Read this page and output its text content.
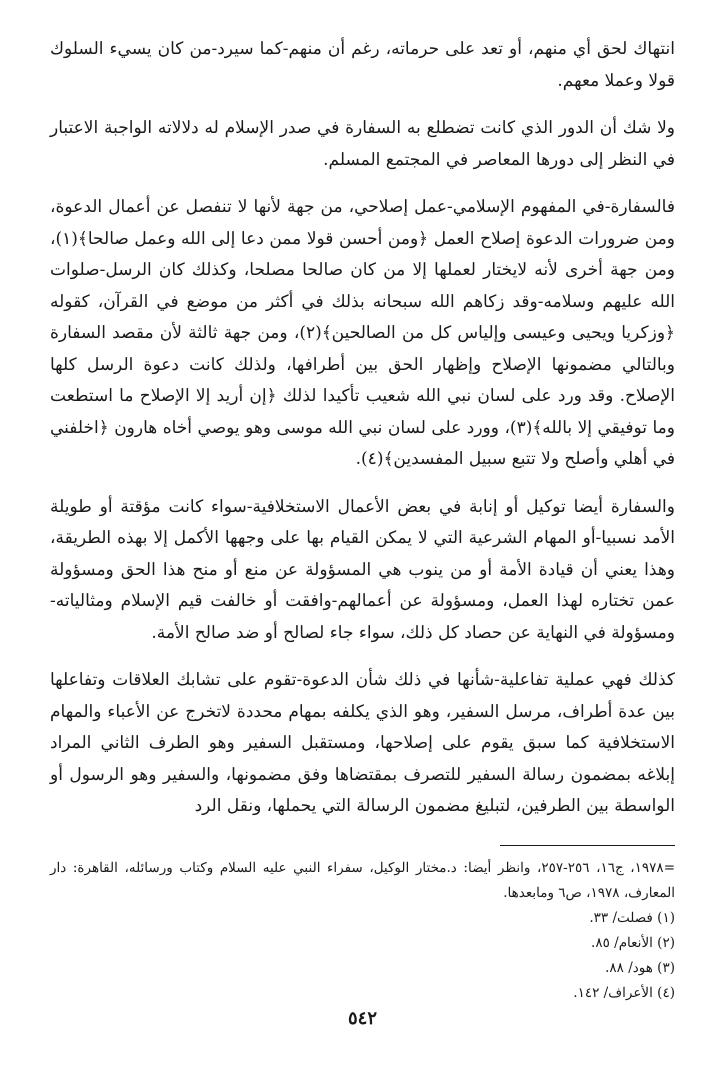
انتهاك لحق أي منهم، أو تعد على حرماته، رغم أن منهم-كما سيرد-من كان يسيء السلوك قولا وعملا معهم.

ولا شك أن الدور الذي كانت تضطلع به السفارة في صدر الإسلام له دلالاته الواجبة الاعتبار في النظر إلى دورها المعاصر في المجتمع المسلم.

فالسفارة-في المفهوم الإسلامي-عمل إصلاحي، من جهة لأنها لا تنفصل عن أعمال الدعوة، ومن ضرورات الدعوة إصلاح العمل ﴿ومن أحسن قولا ممن دعا إلى الله وعمل صالحا﴾(١)، ومن جهة أخرى لأنه لايختار لعملها إلا من كان صالحا مصلحا، وكذلك كان الرسل-صلوات الله عليهم وسلامه-وقد زكاهم الله سبحانه بذلك في أكثر من موضع في القرآن، كقوله ﴿وزكريا ويحيى وعيسى وإلياس كل من الصالحين﴾(٢)، ومن جهة ثالثة لأن مقصد السفارة وبالتالي مضمونها الإصلاح وإظهار الحق بين أطرافها، ولذلك كانت دعوة الرسل كلها الإصلاح. وقد ورد على لسان نبي الله شعيب تأكيدا لذلك ﴿إن أريد إلا الإصلاح ما استطعت وما توفيقي إلا بالله﴾(٣)، وورد على لسان نبي الله موسى وهو يوصي أخاه هارون ﴿اخلفني في أهلي وأصلح ولا تتبع سبيل المفسدين﴾(٤).

والسفارة أيضا توكيل أو إنابة في بعض الأعمال الاستخلافية-سواء كانت مؤقتة أو طويلة الأمد نسبيا-أو المهام الشرعية التي لا يمكن القيام بها على وجهها الأكمل إلا بهذه الطريقة، وهذا يعني أن قيادة الأمة أو من ينوب هي المسؤولة عن منع أو منح هذا الحق ومسؤولة عمن تختاره لهذا العمل، ومسؤولة عن أعمالهم-وافقت أو خالفت قيم الإسلام ومثالياته-ومسؤولة في النهاية عن حصاد كل ذلك، سواء جاء لصالح أو ضد صالح الأمة.

كذلك فهي عملية تفاعلية-شأنها في ذلك شأن الدعوة-تقوم على تشابك العلاقات وتفاعلها بين عدة أطراف، مرسل السفير، وهو الذي يكلفه بمهام محددة لاتخرج عن الأعباء والمهام الاستخلافية كما سبق يقوم على إصلاحها، ومستقبل السفير وهو الطرف الثاني المراد إبلاغه بمضمون رسالة السفير للتصرف بمقتضاها وفق مضمونها، والسفير وهو الرسول أو الواسطة بين الطرفين، لتبليغ مضمون الرسالة التي يحملها، ونقل الرد

=١٩٧٨، ج١٦، ٢٥٦-٢٥٧، وانظر أيضا: د.مختار الوكيل، سفراء النبي عليه السلام وكتاب ورسائله، القاهرة: دار المعارف، ١٩٧٨، ص٦ ومابعدها.

(١) فصلت/ ٣٣.

(٢) الأنعام/ ٨٥.

(٣) هود/ ٨٨.

(٤) الأعراف/ ١٤٢.

٥٤٢
